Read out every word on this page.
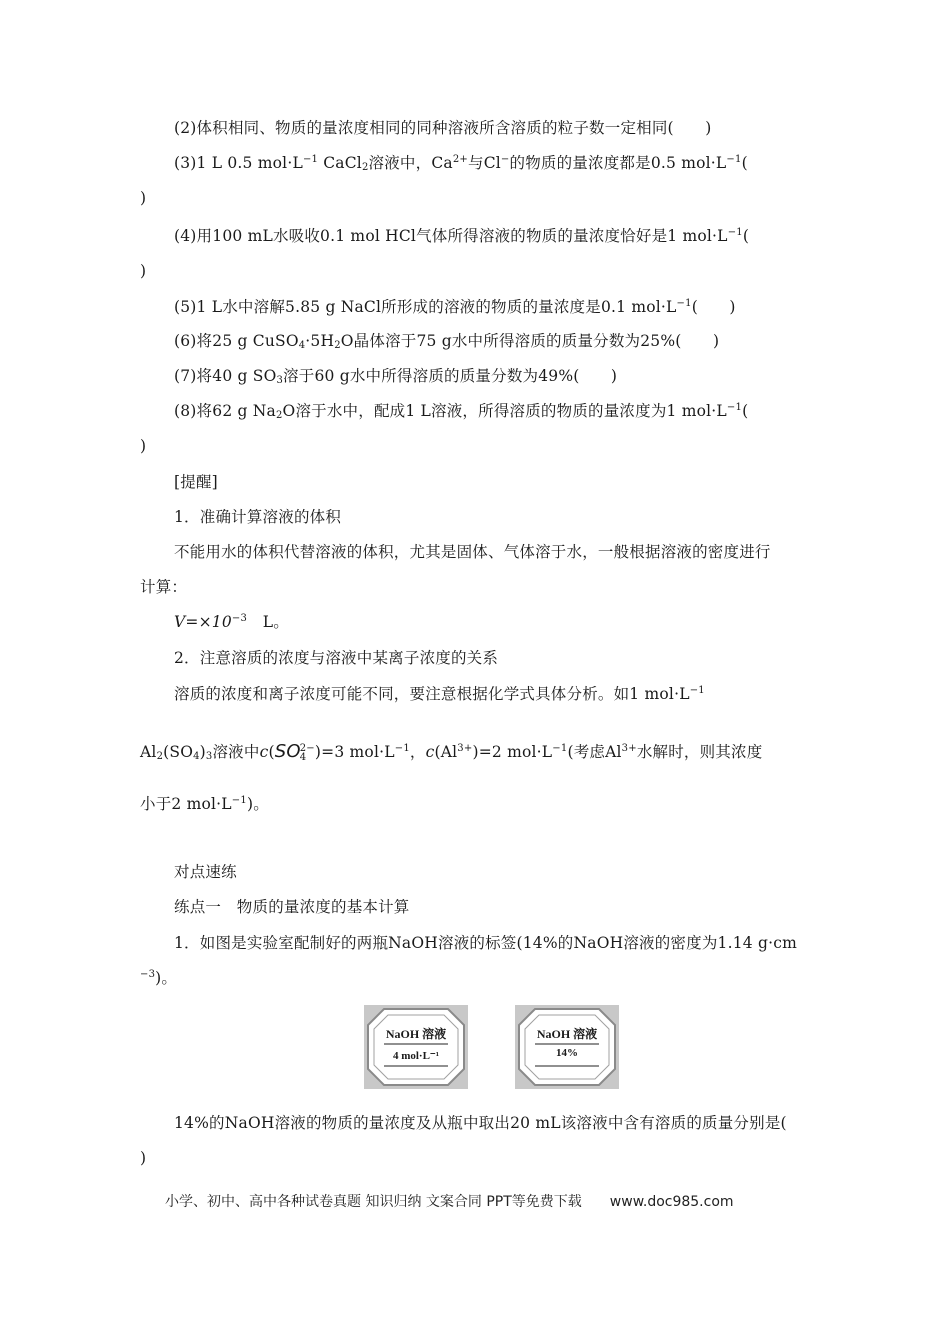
(2)体积相同、物质的量浓度相同的同种溶液所含溶质的粒子数一定相同(　　)
(3)1 L 0.5 $mol\cdot L^{-1}$ CaCl$_2$溶液中，$Ca^{2+}$与Cl−的物质的量浓度都是0.5 $mol\cdot L^{-1}$(
)
(4)用100 mL水吸收0.1 mol HCl气体所得溶液的物质的量浓度恰好是1 $mol\cdot L^{-1}$(
)
(5)1 L水中溶解5.85 g NaCl所形成的溶液的物质的量浓度是0.1 $mol\cdot L^{-1}$(　　)
(6)将25 g $CuSO_4\cdot 5H_2O$晶体溶于75 g水中所得溶质的质量分数为25%(　　)
(7)将40 g $SO_3$溶于60 g水中所得溶质的质量分数为49%(　　)
(8)将62 g $Na_2O$溶于水中，配成1 L溶液，所得溶质的物质的量浓度为1 $mol\cdot L^{-1}$(
)
[提醒]
1．准确计算溶液的体积
不能用水的体积代替溶液的体积，尤其是固体、气体溶于水，一般根据溶液的密度进行
计算：
$V=\times 10^{-3}$　L。
2．注意溶质的浓度与溶液中某离子浓度的关系
溶质的浓度和离子浓度可能不同，要注意根据化学式具体分析。如1 $mol\cdot L^{-1}$
$Al_2(SO_4)_3$溶液中c(SO2−
4 )=3 $mol\cdot L^{-1}$，$c(Al^{3+})=2$ $mol\cdot L^{-1}$(考虑$Al^{3+}$水解时，则其浓度
小于2 $mol\cdot L^{-1}$)。
对点速练
练点一　物质的量浓度的基本计算
1．如图是实验室配制好的两瓶NaOH溶液的标签(14%的NaOH溶液的密度为1.14 g·cm
$^{-3}$)。
NaOH 溶液
4 mol·L⁻¹
NaOH 溶液
14%
14%的NaOH溶液的物质的量浓度及从瓶中取出20 mL该溶液中含有溶质的质量分别是(
)
小学、初中、高中各种试卷真题 知识归纳 文案合同 PPT等免费下载 www.doc985.com
